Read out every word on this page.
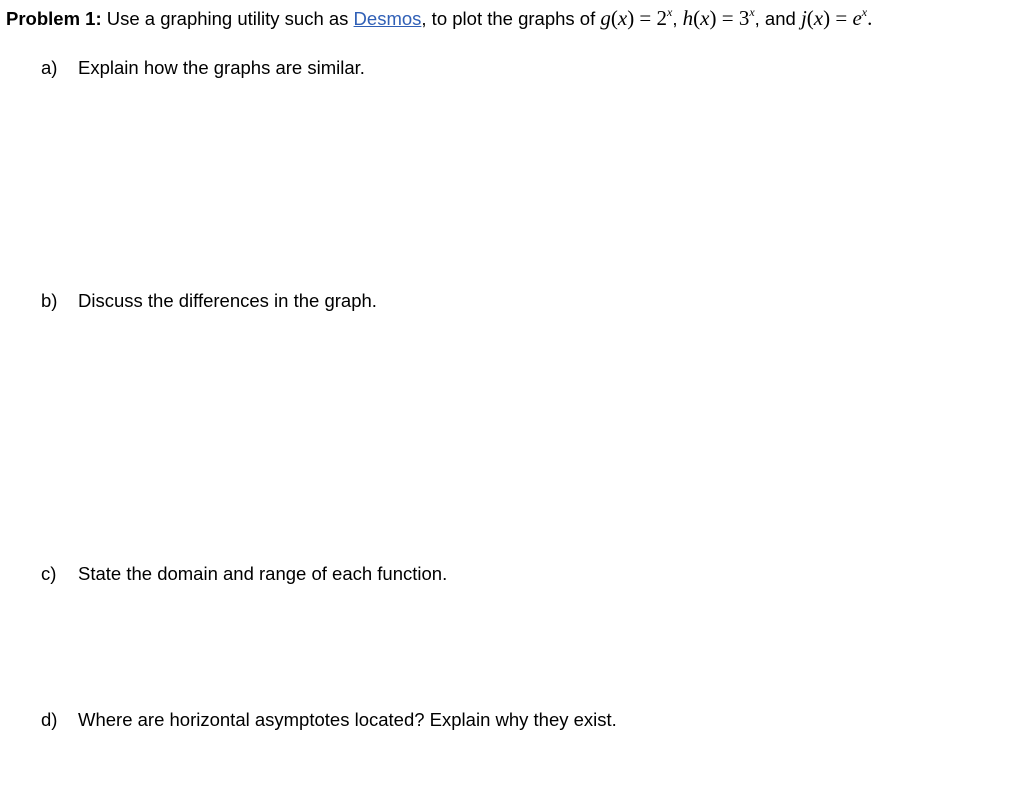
Problem 1: Use a graphing utility such as Desmos, to plot the graphs of $g(x) = 2^x$, $h(x) = 3^x$, and $j(x) = e^x$.
a) Explain how the graphs are similar.
b) Discuss the differences in the graph.
c) State the domain and range of each function.
d) Where are horizontal asymptotes located? Explain why they exist.
